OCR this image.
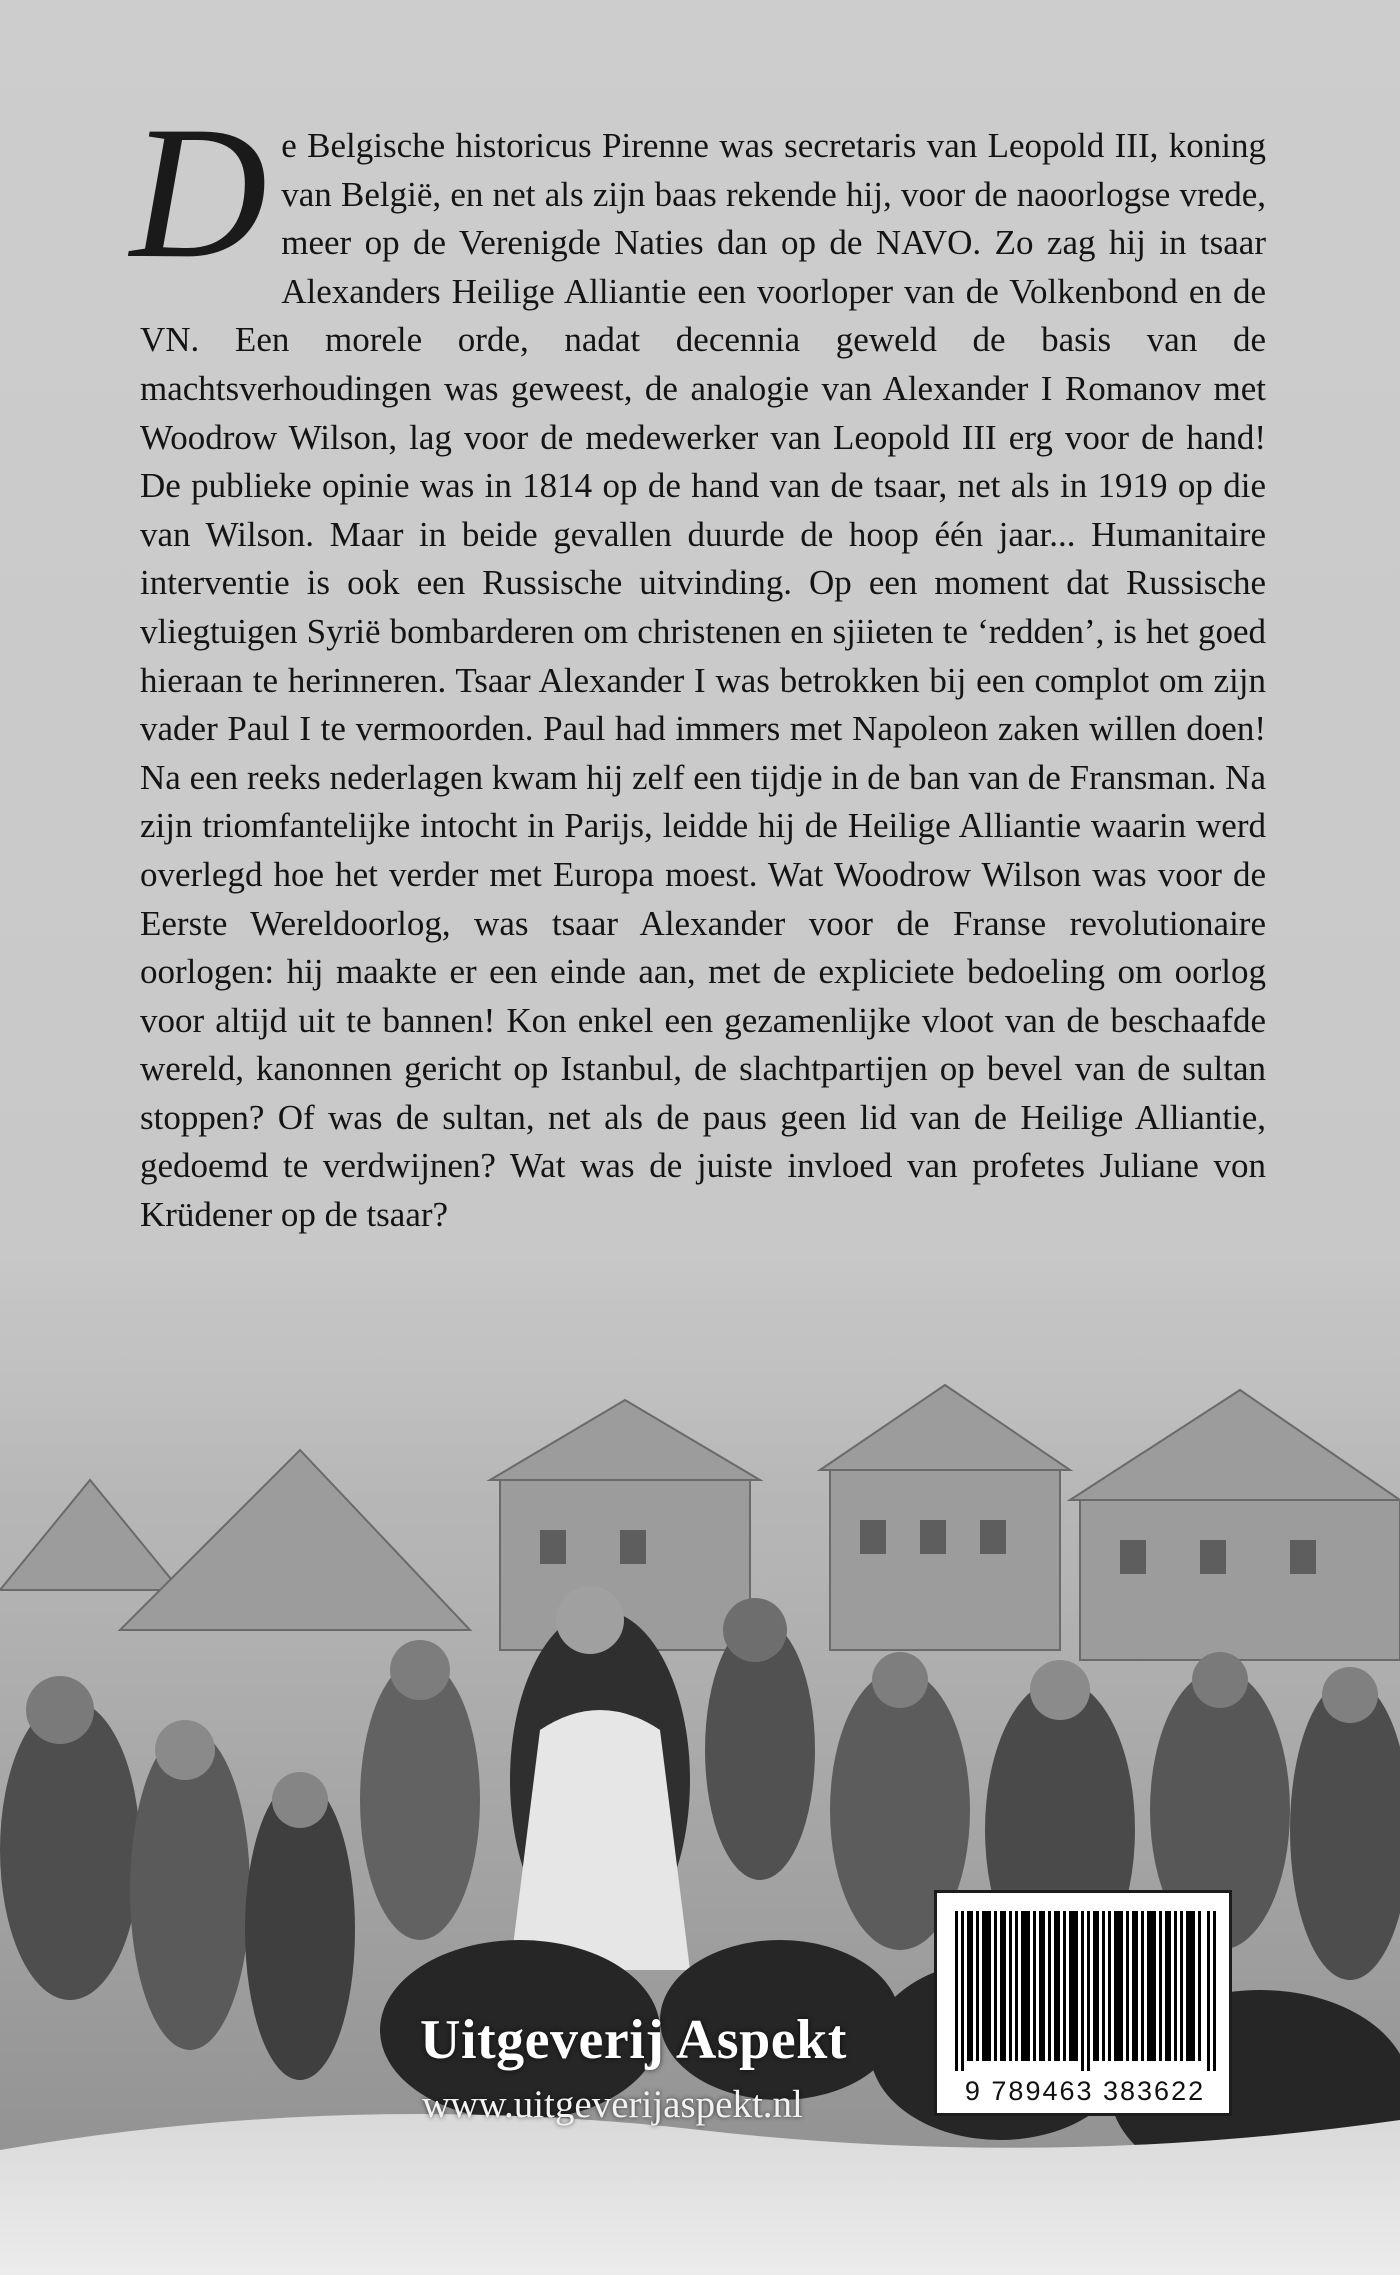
De Belgische historicus Pirenne was secretaris van Leopold III, koning van België, en net als zijn baas rekende hij, voor de naoorlogse vrede, meer op de Verenigde Naties dan op de NAVO. Zo zag hij in tsaar Alexanders Heilige Alliantie een voorloper van de Volkenbond en de VN. Een morele orde, nadat decennia geweld de basis van de machtsverhoudingen was geweest, de analogie van Alexander I Romanov met Woodrow Wilson, lag voor de medewerker van Leopold III erg voor de hand! De publieke opinie was in 1814 op de hand van de tsaar, net als in 1919 op die van Wilson. Maar in beide gevallen duurde de hoop één jaar... Humanitaire interventie is ook een Russische uitvinding. Op een moment dat Russische vliegtuigen Syrië bombarderen om christenen en sjiieten te ‘redden’, is het goed hieraan te herinneren. Tsaar Alexander I was betrokken bij een complot om zijn vader Paul I te vermoorden. Paul had immers met Napoleon zaken willen doen! Na een reeks nederlagen kwam hij zelf een tijdje in de ban van de Fransman. Na zijn triomfantelijke intocht in Parijs, leidde hij de Heilige Alliantie waarin werd overlegd hoe het verder met Europa moest. Wat Woodrow Wilson was voor de Eerste Wereldoorlog, was tsaar Alexander voor de Franse revolutionaire oorlogen: hij maakte er een einde aan, met de expliciete bedoeling om oorlog voor altijd uit te bannen! Kon enkel een gezamenlijke vloot van de beschaafde wereld, kanonnen gericht op Istanbul, de slachtpartijen op bevel van de sultan stoppen? Of was de sultan, net als de paus geen lid van de Heilige Alliantie, gedoemd te verdwijnen? Wat was de juiste invloed van profetes Juliane von Krüdener op de tsaar?

Uitgeverij Aspekt
www.uitgeverijaspekt.nl	9 789463 383622
